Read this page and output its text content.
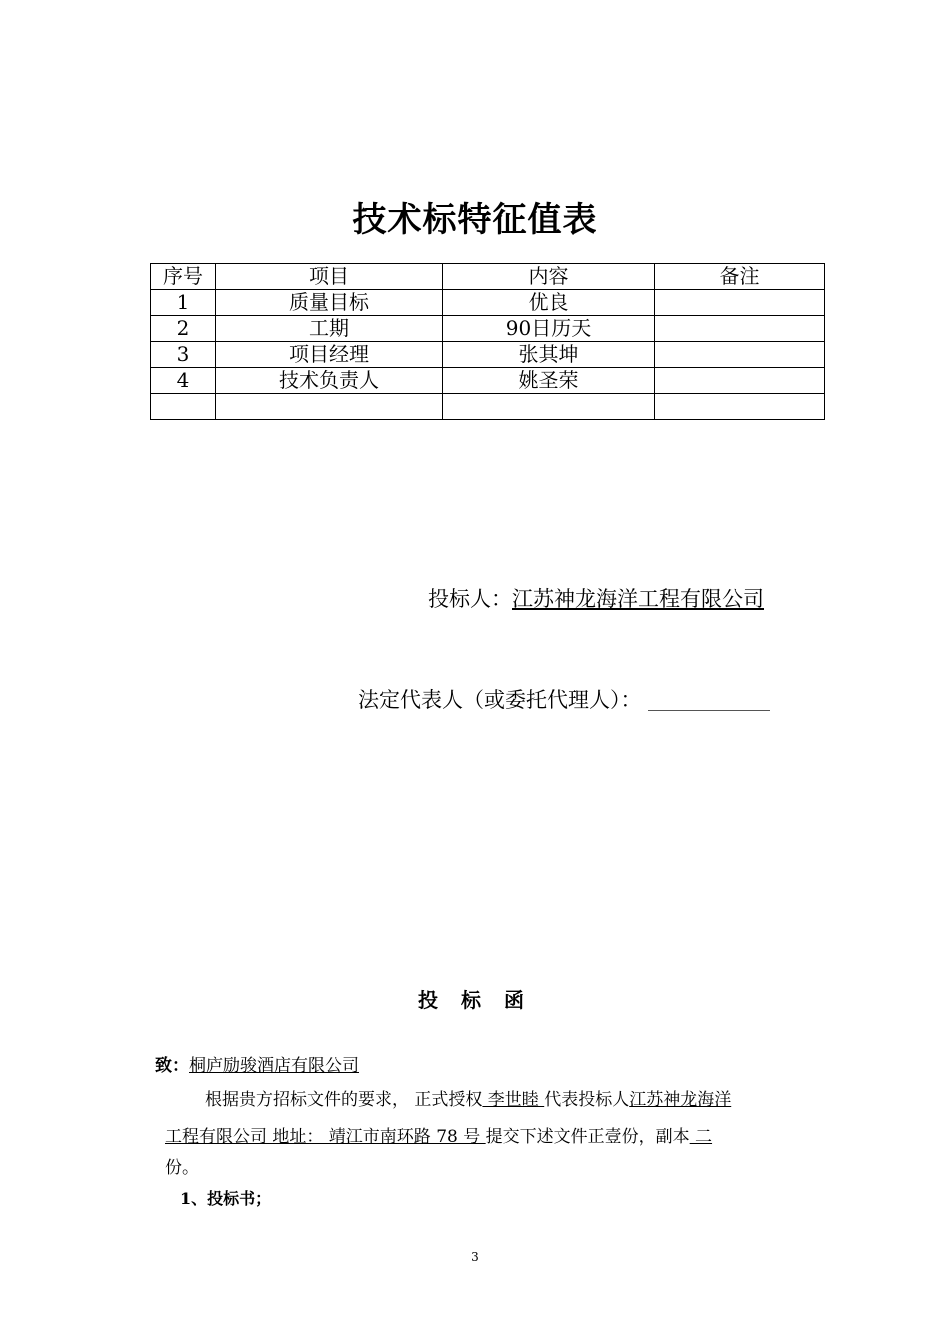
技术标特征值表
序号	项目	内容	备注
1	质量目标	优良	
2	工期	90日历天	
3	项目经理	张其坤	
4	技术负责人	姚圣荣	

投标人：江苏神龙海洋工程有限公司
法定代表人（或委托代理人）：
投 标 函
致：桐庐励骏酒店有限公司
根据贵方招标文件的要求， 正式授权 李世睦 代表投标人江苏神龙海洋
工程有限公司 地址： 靖江市南环路 78 号 提交下述文件正壹份，副本 二
份。
1、投标书；
3
